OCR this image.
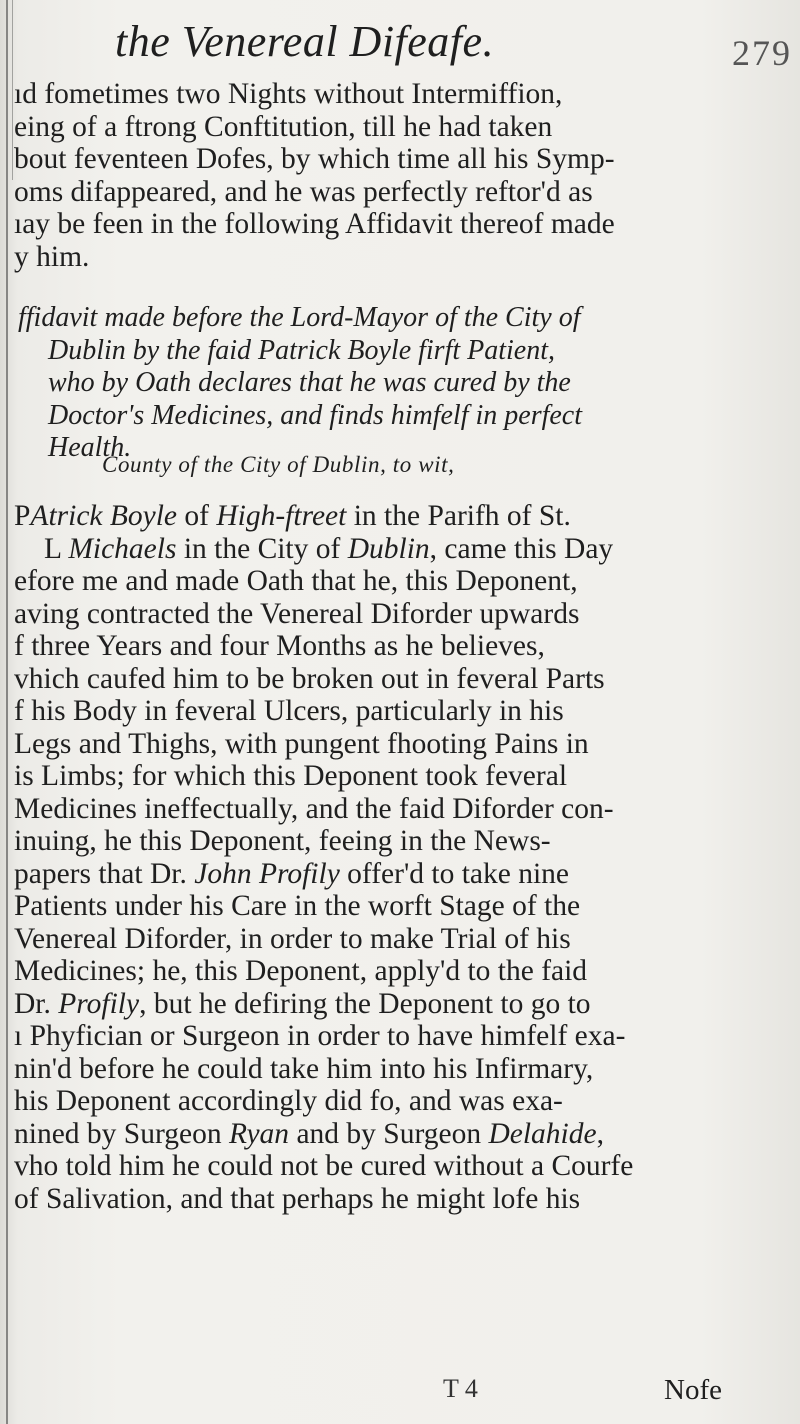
the Venereal Difeafe.	279
ıd fometimes two Nights without Intermiffion,
eing of a ftrong Conftitution, till he had taken
bout feventeen Dofes, by which time all his Symp-
oms difappeared, and he was perfectly reftor'd as
ıay be feen in the following Affidavit thereof made
y him.
ffidavit made before the Lord-Mayor of the City of
Dublin by the faid Patrick Boyle firft Patient,
who by Oath declares that he was cured by the
Doctor's Medicines, and finds himfelf in perfect
Health.
County of the City of Dublin, to wit,
PAtrick Boyle of High-ftreet in the Parifh of St.
L Michaels in the City of Dublin, came this Day
efore me and made Oath that he, this Deponent,
aving contracted the Venereal Diforder upwards
f three Years and four Months as he believes,
vhich caufed him to be broken out in feveral Parts
f his Body in feveral Ulcers, particularly in his
Legs and Thighs, with pungent fhooting Pains in
is Limbs; for which this Deponent took feveral
Medicines ineffectually, and the faid Diforder con-
inuing, he this Deponent, feeing in the News-
papers that Dr. John Profily offer'd to take nine
Patients under his Care in the worft Stage of the
Venereal Diforder, in order to make Trial of his
Medicines; he, this Deponent, apply'd to the faid
Dr. Profily, but he defiring the Deponent to go to
ı Phyfician or Surgeon in order to have himfelf exa-
nin'd before he could take him into his Infirmary,
his Deponent accordingly did fo, and was exa-
nined by Surgeon Ryan and by Surgeon Delahide,
vho told him he could not be cured without a Courfe
of Salivation, and that perhaps he might lofe his
T 4	Nofe
